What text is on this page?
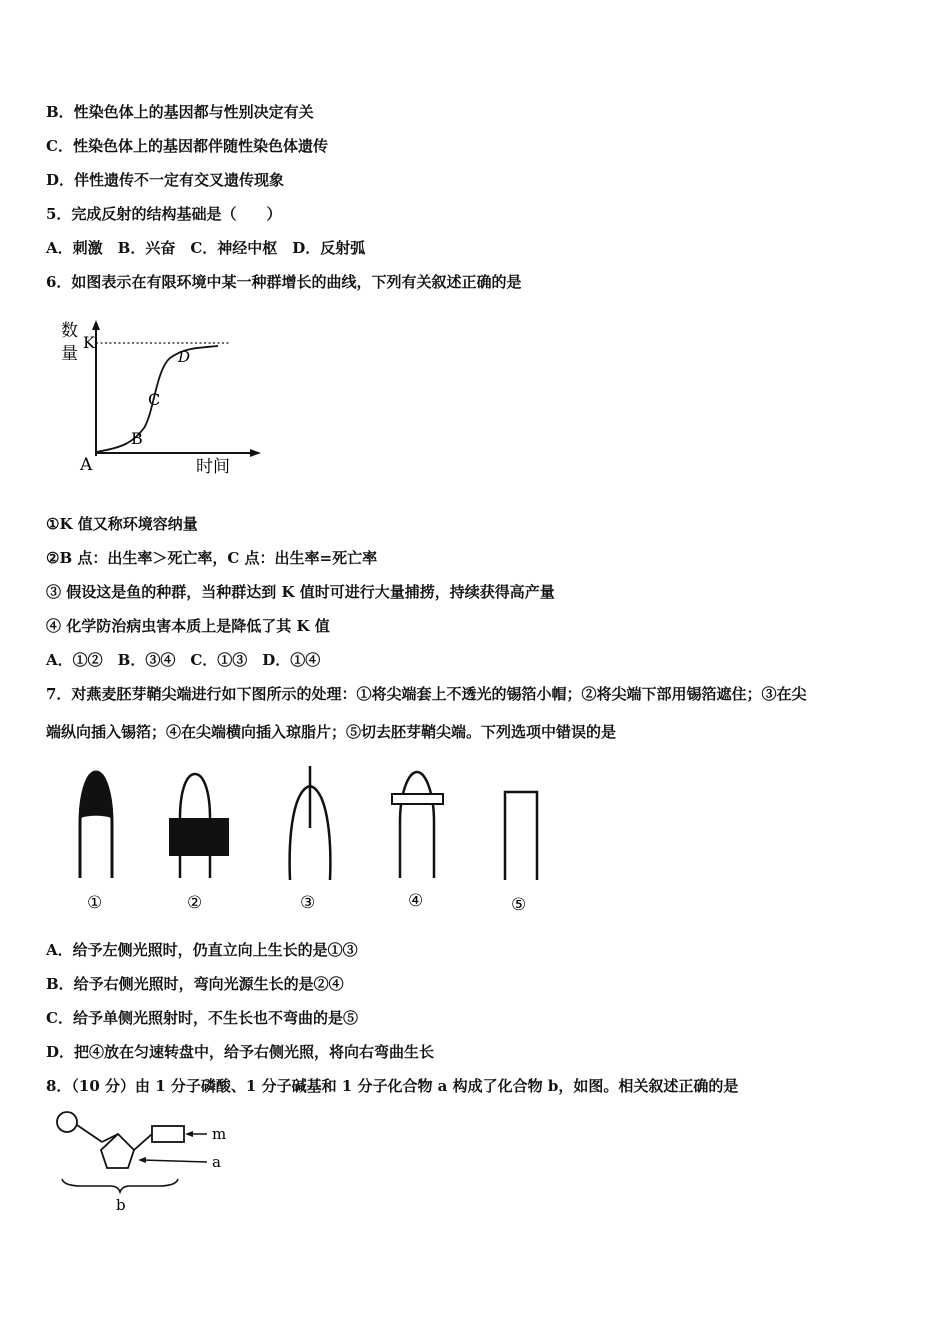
B．性染色体上的基因都与性别决定有关
C．性染色体上的基因都伴随性染色体遗传
D．伴性遗传不一定有交叉遗传现象
5．完成反射的结构基础是（　　）
A．刺激　B．兴奋　C．神经中枢　D．反射弧
6．如图表示在有限环境中某一种群增长的曲线，下列有关叙述正确的是
数
量
K
D
C
B
A	时间
①K 值又称环境容纳量
②B 点：出生率＞死亡率，C 点：出生率=死亡率
③ 假设这是鱼的种群，当种群达到 K 值时可进行大量捕捞，持续获得高产量
④ 化学防治病虫害本质上是降低了其 K 值
A．①②　B．③④　C．①③　D．①④
7．对燕麦胚芽鞘尖端进行如下图所示的处理：①将尖端套上不透光的锡箔小帽；②将尖端下部用锡箔遮住；③在尖
端纵向插入锡箔；④在尖端横向插入琼脂片；⑤切去胚芽鞘尖端。下列选项中错误的是
①	②	③	④	⑤
A．给予左侧光照时，仍直立向上生长的是①③
B．给予右侧光照时，弯向光源生长的是②④
C．给予单侧光照射时，不生长也不弯曲的是⑤
D．把④放在匀速转盘中，给予右侧光照，将向右弯曲生长
8．（10 分）由 1 分子磷酸、1 分子碱基和 1 分子化合物 a 构成了化合物 b，如图。相关叙述正确的是
m
a
b
